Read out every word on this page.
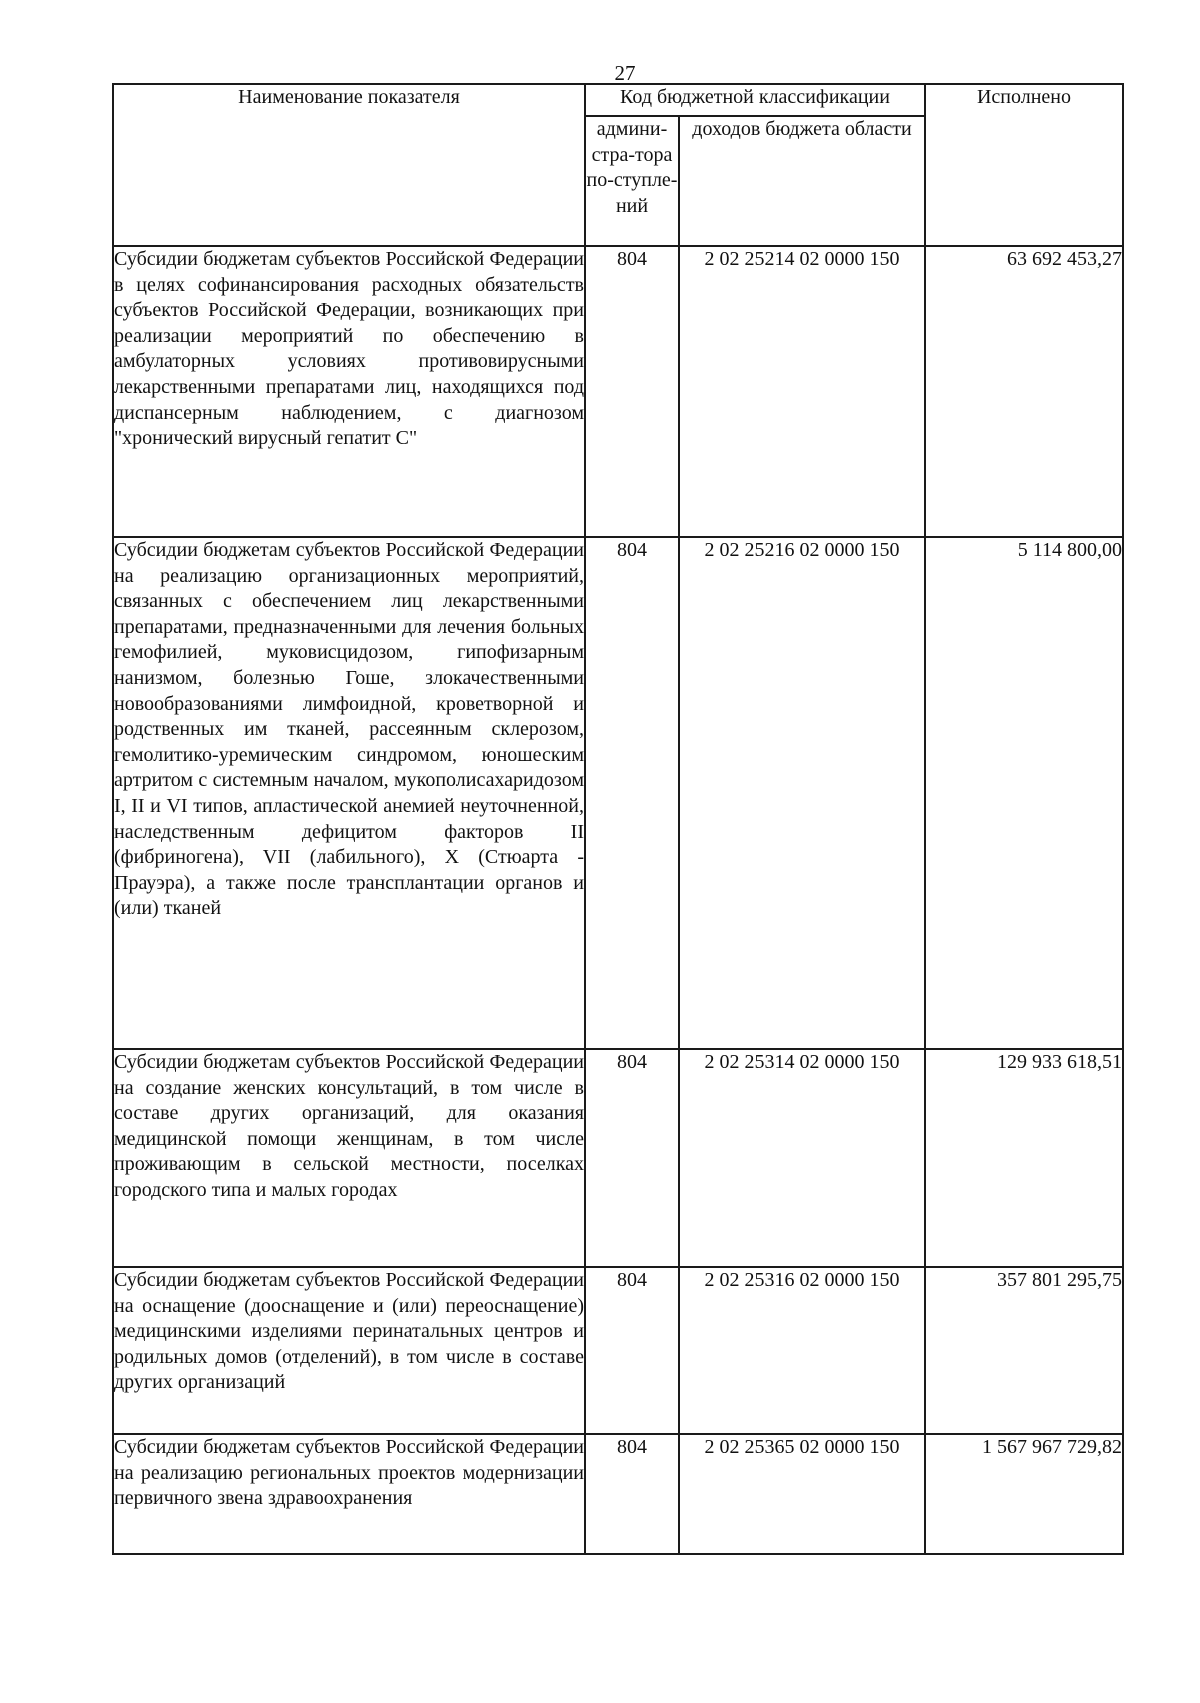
27
Наименование показателя	Код бюджетной классификации		Исполнено
	админи-стра-тора по-ступле-ний	доходов бюджета области	
Субсидии бюджетам субъектов Российской Федерации в целях софинансирования расходных обязательств субъектов Российской Федерации, возникающих при реализации мероприятий по обеспечению в амбулаторных условиях противовирусными лекарственными препаратами лиц, находящихся под диспансерным наблюдением, с диагнозом "хронический вирусный гепатит С"	804	2 02 25214 02 0000 150	63 692 453,27
Субсидии бюджетам субъектов Российской Федерации на реализацию организационных мероприятий, связанных с обеспечением лиц лекарственными препаратами, предназначенными для лечения больных гемофилией, муковисцидозом, гипофизарным нанизмом, болезнью Гоше, злокачественными новообразованиями лимфоидной, кроветворной и родственных им тканей, рассеянным склерозом, гемолитико-уремическим синдромом, юношеским артритом с системным началом, мукополисахаридозом I, II и VI типов, апластической анемией неуточненной, наследственным дефицитом факторов II (фибриногена), VII (лабильного), X (Стюарта - Прауэра), а также после трансплантации органов и (или) тканей	804	2 02 25216 02 0000 150	5 114 800,00
Субсидии бюджетам субъектов Российской Федерации на создание женских консультаций, в том числе в составе других организаций, для оказания медицинской помощи женщинам, в том числе проживающим в сельской местности, поселках городского типа и малых городах	804	2 02 25314 02 0000 150	129 933 618,51
Субсидии бюджетам субъектов Российской Федерации на оснащение (дооснащение и (или) переоснащение) медицинскими изделиями перинатальных центров и родильных домов (отделений), в том числе в составе других организаций	804	2 02 25316 02 0000 150	357 801 295,75
Субсидии бюджетам субъектов Российской Федерации на реализацию региональных проектов модернизации первичного звена здравоохранения	804	2 02 25365 02 0000 150	1 567 967 729,82
